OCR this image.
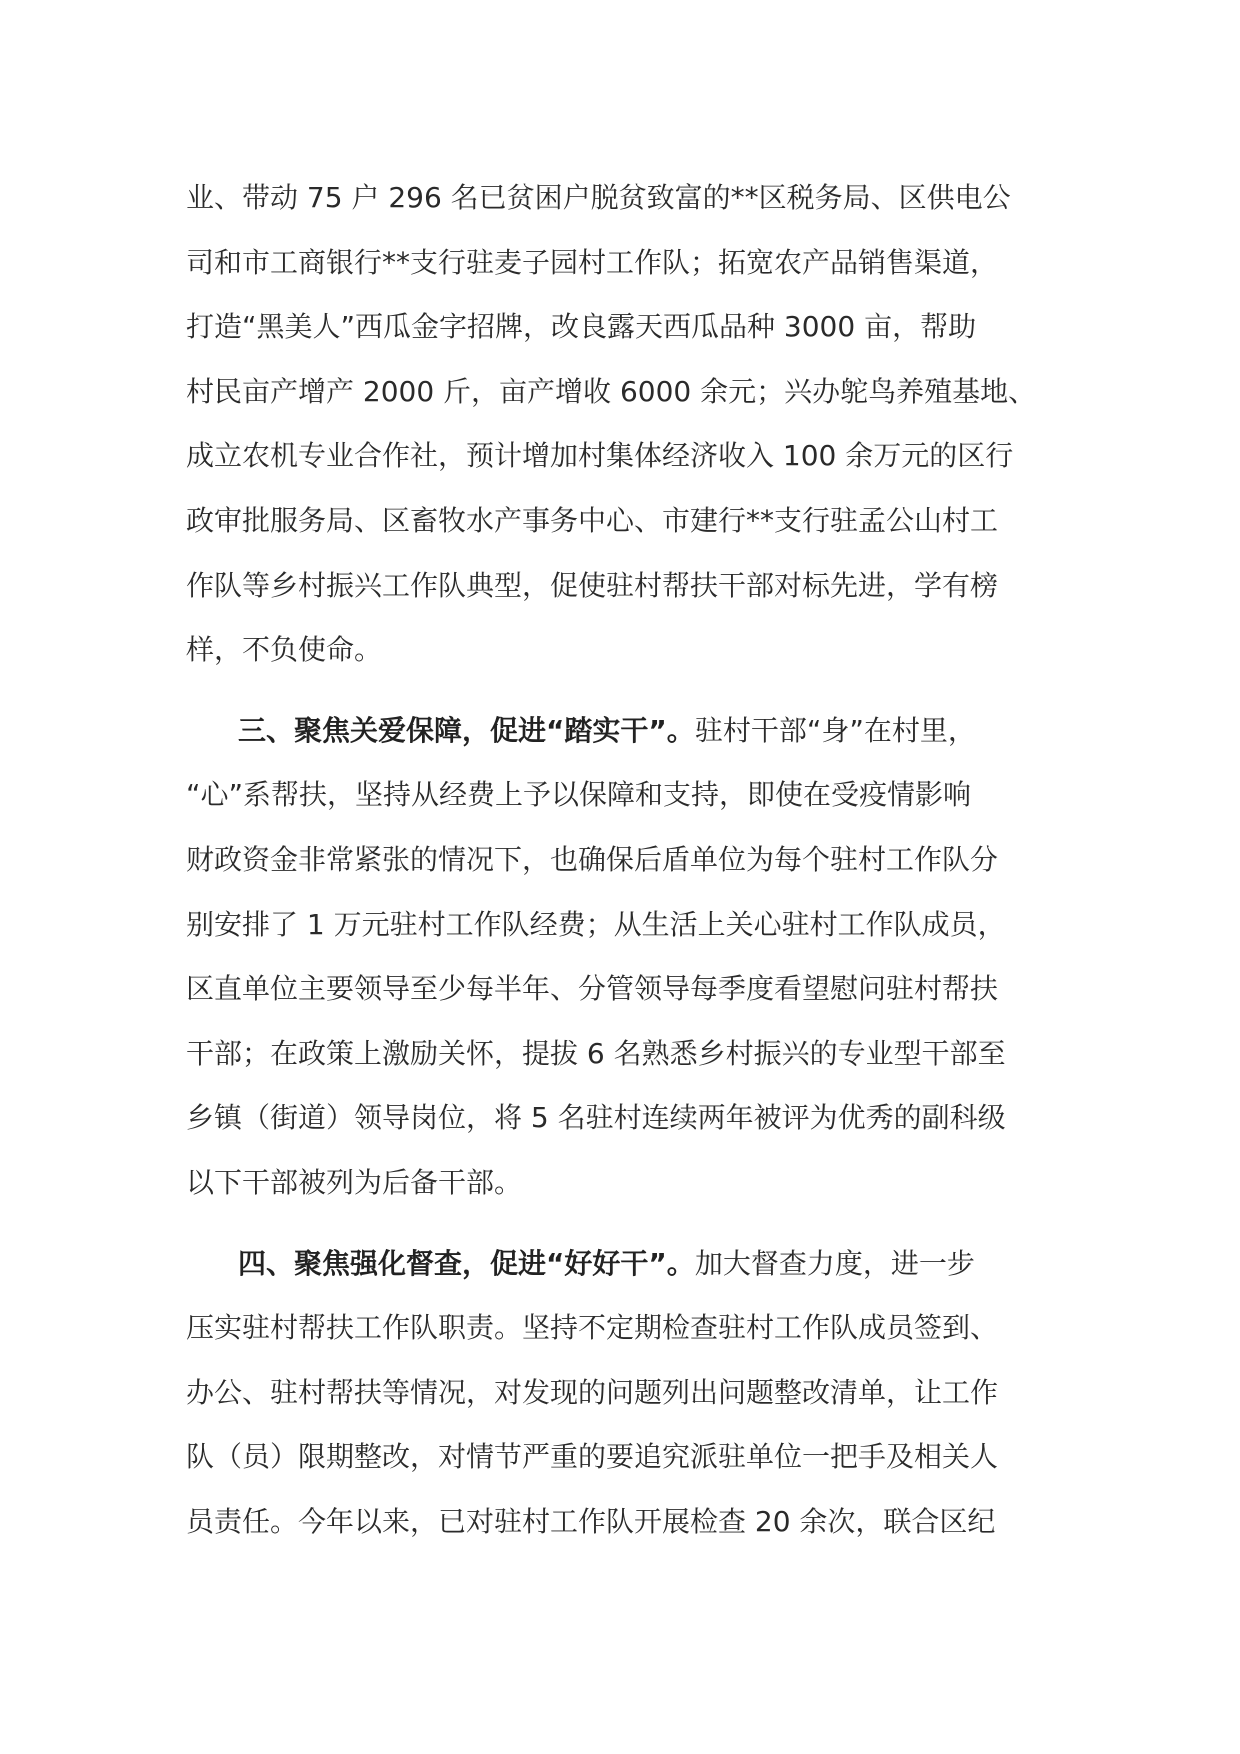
业、带动 75 户 296 名已贫困户脱贫致富的**区税务局、区供电公
司和市工商银行**支行驻麦子园村工作队；拓宽农产品销售渠道，
打造“黑美人”西瓜金字招牌，改良露天西瓜品种 3000 亩，帮助
村民亩产增产 2000 斤，亩产增收 6000 余元；兴办鸵鸟养殖基地、
成立农机专业合作社，预计增加村集体经济收入 100 余万元的区行
政审批服务局、区畜牧水产事务中心、市建行**支行驻孟公山村工
作队等乡村振兴工作队典型，促使驻村帮扶干部对标先进，学有榜
样，不负使命。
三、聚焦关爱保障，促进“踏实干”。驻村干部“身”在村里，
“心”系帮扶，坚持从经费上予以保障和支持，即使在受疫情影响
财政资金非常紧张的情况下，也确保后盾单位为每个驻村工作队分
别安排了 1 万元驻村工作队经费；从生活上关心驻村工作队成员，
区直单位主要领导至少每半年、分管领导每季度看望慰问驻村帮扶
干部；在政策上激励关怀，提拔 6 名熟悉乡村振兴的专业型干部至
乡镇（街道）领导岗位，将 5 名驻村连续两年被评为优秀的副科级
以下干部被列为后备干部。
四、聚焦强化督查，促进“好好干”。加大督查力度，进一步
压实驻村帮扶工作队职责。坚持不定期检查驻村工作队成员签到、
办公、驻村帮扶等情况，对发现的问题列出问题整改清单，让工作
队（员）限期整改，对情节严重的要追究派驻单位一把手及相关人
员责任。今年以来，已对驻村工作队开展检查 20 余次，联合区纪
